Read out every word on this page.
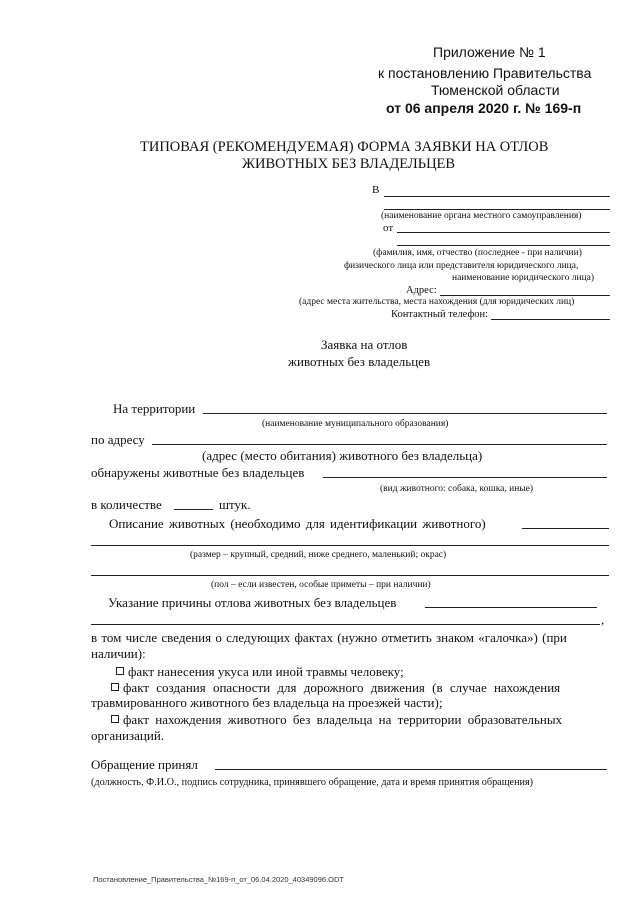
Приложение № 1
к постановлению Правительства
Тюменской области
от 06 апреля 2020 г. № 169-п
ТИПОВАЯ (РЕКОМЕНДУЕМАЯ) ФОРМА ЗАЯВКИ НА ОТЛОВ
ЖИВОТНЫХ БЕЗ ВЛАДЕЛЬЦЕВ
В
(наименование органа местного самоуправления)
от
(фамилия, имя, отчество (последнее - при наличии)
физического лица или представителя юридического лица,
наименование юридического лица)
Адрес:
(адрес места жительства, места нахождения (для юридических лиц)
Контактный телефон:
Заявка на отлов
животных без владельцев
На территории
(наименование муниципального образования)
по адресу
(адрес (место обитания) животного без владельца)
обнаружены животные без владельцев
(вид животного: собака, кошка, иные)
в количестве	штук.
Описание животных (необходимо для идентификации животного)
(размер – крупный, средний, ниже среднего, маленький; окрас)
(пол – если известен, особые приметы – при наличии)
Указание причины отлова животных без владельцев
,
в том числе сведения о следующих фактах (нужно отметить знаком «галочка») (при
наличии):
факт нанесения укуса или иной травмы человеку;
факт создания опасности для дорожного движения (в случае нахождения
травмированного животного без владельца на проезжей части);
факт нахождения животного без владельца на территории образовательных
организаций.
Обращение принял
(должность, Ф.И.О., подпись сотрудника, принявшего обращение, дата и время принятия обращения)
Постановление_Правительства_№169-п_от_06.04.2020_40349096.ODT
